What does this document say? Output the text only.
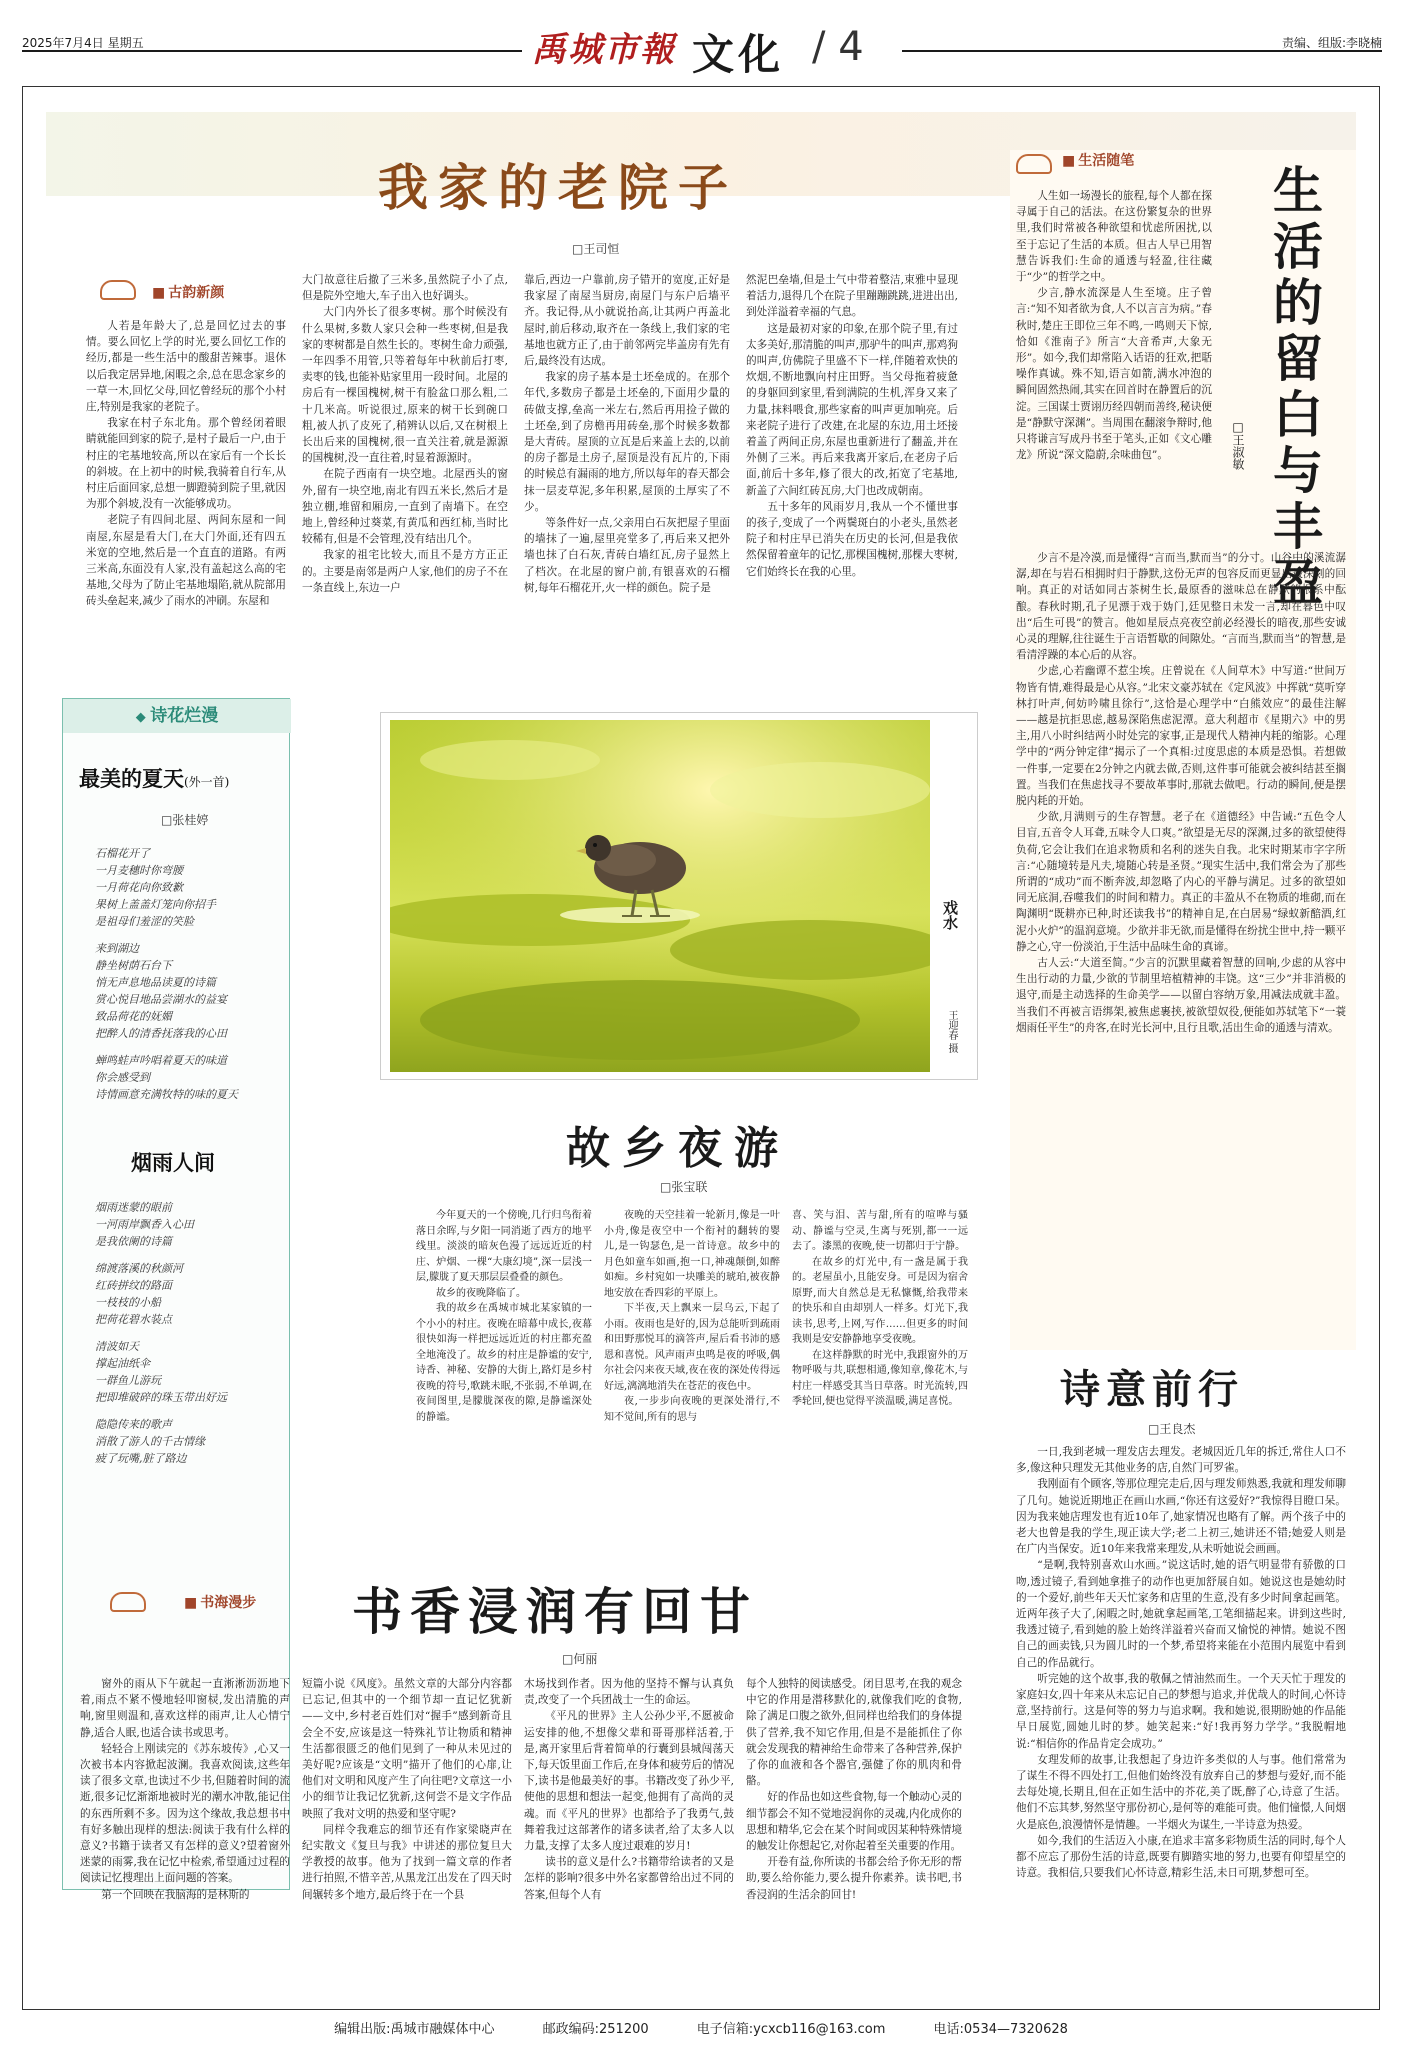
2025年7月4日 星期五	禹城市報 文化 / 4	责编、组版:李晓楠
我家的老院子
□王司恒
■ 古韵新颜

人若是年龄大了,总是回忆过去的事情。要么回忆上学的时光,要么回忆工作的经历,都是一些生活中的酸甜苦辣事。退休以后我定居异地,闲暇之余,总在思念家乡的一草一木,回忆父母,回忆曾经玩的那个小村庄,特别是我家的老院子。

我家在村子东北角。那个曾经闭着眼睛就能回到家的院子,是村子最后一户,由于村庄的宅基地较高,所以在家后有一个长长的斜坡。在上初中的时候,我骑着自行车,从村庄后面回家,总想一脚蹬骑到院子里,就因为那个斜坡,没有一次能够成功。

老院子有四间北屋、两间东屋和一间南屋,东屋是看大门,在大门外面,还有四五米宽的空地,然后是一个直直的道路。有两三米高,东面没有人家,没有盖起这么高的宅基地,父母为了防止宅基地塌陷,就从院部用砖头垒起来,减少了雨水的冲刷。东屋和

大门故意往后撤了三米多,虽然院子小了点,但是院外空地大,车子出入也好调头。

大门内外长了很多枣树。那个时候没有什么果树,多数人家只会种一些枣树,但是我家的枣树都是自然生长的。枣树生命力顽强,一年四季不用管,只等着每年中秋前后打枣,卖枣的钱,也能补贴家里用一段时间。北屋的房后有一棵国槐树,树干有脸盆口那么粗,二十几米高。听说很过,原来的树干长到碗口粗,被人扒了皮死了,稍辨认以后,又在树根上长出后来的国槐树,很一直关注着,就是源源的国槐树,没一直往着,时显着源源时。

在院子西南有一块空地。北屋西头的窗外,留有一块空地,南北有四五米长,然后才是独立棚,堆留和厢房,一直到了南墙下。在空地上,曾经种过葵菜,有黄瓜和西红柿,当时比较稀有,但是不会管理,没有结出几个。

我家的祖宅比较大,而且不是方方正正的。主要是南邻是两户人家,他们的房子不在一条直线上,东边一户

靠后,西边一户靠前,房子错开的宽度,正好是我家屋了南屋当厨房,南屋门与东户后墙平齐。我记得,从小就说抬高,让其两户再盖北屋时,前后移动,取齐在一条线上,我们家的宅基地也就方正了,由于前邻两完毕盖房有先有后,最终没有达成。

我家的房子基本是土坯垒成的。在那个年代,多数房子都是土坯垒的,下面用少量的砖做支撑,垒高一米左右,然后再用捡子做的土坯垒,到了房檐再用砖垒,那个时候多数都是大青砖。屋顶的立瓦是后来盖上去的,以前的房子都是土房子,屋顶是没有瓦片的,下雨的时候总有漏雨的地方,所以每年的春天都会抹一层麦草泥,多年积累,屋顶的土厚实了不少。

等条件好一点,父亲用白石灰把屋子里面的墙抹了一遍,屋里亮堂多了,再后来又把外墙也抹了白石灰,青砖白墙红瓦,房子显然上了档次。在北屋的窗户前,有银喜欢的石榴树,每年石榴花开,火一样的颜色。院子是

然泥巴垒墙,但是土气中带着整洁,束雅中显现着活力,退得几个在院子里蹦蹦跳跳,进进出出,到处洋溢着幸福的气息。

这是最初对家的印象,在那个院子里,有过太多美好,那清脆的叫声,那驴牛的叫声,那鸡狗的叫声,仿佛院子里盛不下一样,伴随着欢快的炊烟,不断地飘向村庄田野。当父母拖着疲惫的身躯回到家里,看到满院的生机,浑身又来了力量,抹料喂食,那些家畜的叫声更加响亮。后来老院子进行了改建,在北屋的东边,用土坯接着盖了两间正房,东屋也重新进行了翻盖,并在外侧了三米。再后来我离开家后,在老房子后面,前后十多年,修了很大的改,拓宽了宅基地,新盖了六间红砖瓦房,大门也改成朝南。

五十多年的风雨岁月,我从一个不懂世事的孩子,变成了一个两鬓斑白的小老头,虽然老院子和村庄早已消失在历史的长河,但是我依然保留着童年的记忆,那棵国槐树,那棵大枣树,它们始终长在我的心里。

■ 生活随笔
生活的留白与丰盈
□王淑敏

人生如一场漫长的旅程,每个人都在探寻属于自己的活法。在这份繁复杂的世界里,我们时常被各种欲望和忧虑所困扰,以至于忘记了生活的本质。但古人早已用智慧告诉我们:生命的通透与轻盈,往往藏于“少”的哲学之中。

少言,静水流深是人生至境。庄子曾言:“知不知者欲为食,人不以言言为病。”春秋时,楚庄王即位三年不鸣,一鸣则天下惊,恰如《淮南子》所言“大音希声,大象无形”。如今,我们却常陷入话语的狂欢,把聒噪作真诚。殊不知,语言如箭,满水冲泡的瞬间固然热闹,其实在回首时在静置后的沉淀。三国谋士贾诩历经四朝而善终,秘诀便是“静默守深渊”。当周围在翻滚争辩时,他只将谦言写成丹书至于笔头,正如《文心雕龙》所说“深文隐蔚,余味曲包”。

少言不是冷漠,而是懂得“言而当,默而当”的分寸。山谷中的溪流潺潺,却在与岩石相拥时归于静默,这份无声的包容反而更显出最深刻的回响。真正的对话如同古茶树生长,最原香的滋味总在静默的根系中酝酿。春秋时期,孔子见漂于戏于妫门,廷见整日未发一言,却在暮色中叹出“后生可畏”的赞言。他如星辰点亮夜空前必经漫长的暗夜,那些安诚心灵的理解,往往诞生于言语暂歇的间隙处。“言而当,默而当”的智慧,是看清浮躁的本心后的从容。

少虑,心若幽谭不惹尘埃。庄曾说在《人间草木》中写道:“世间万物皆有情,难得最是心从容。”北宋文豪苏轼在《定风波》中挥就“莫听穿林打叶声,何妨吟啸且徐行”,这恰是心理学中“白熊效应”的最佳注解——越是抗拒思虑,越易深陷焦虑泥潭。意大利超市《星期六》中的男主,用八小时纠结两小时处完的家事,正是现代人精神内耗的缩影。心理学中的“两分钟定律”揭示了一个真相:过度思虑的本质是恐惧。若想做一件事,一定要在2分钟之内就去做,否则,这件事可能就会被纠结甚至搁置。当我们在焦虑找寻不要故革事时,那就去做吧。行动的瞬间,便是摆脱内耗的开始。

少欲,月满则亏的生存智慧。老子在《道德经》中告诫:“五色令人目盲,五音令人耳聋,五味令人口爽。”欲望是无尽的深渊,过多的欲望使得负荷,它会让我们在追求物质和名利的迷失自我。北宋时期某市字字所言:“心随境转是凡夫,境随心转是圣贤。”现实生活中,我们常会为了那些所谓的“成功”而不断奔波,却忽略了内心的平静与满足。过多的欲望如同无底洞,吞噬我们的时间和精力。真正的丰盈从不在物质的堆砌,而在陶渊明“既耕亦已种,时还读我书”的精神自足,在白居易“绿蚁新醅酒,红泥小火炉”的温润意境。少欲并非无欲,而是懂得在纷扰尘世中,持一颗平静之心,守一份淡泊,于生活中品味生命的真谛。

古人云:“大道至简。”少言的沉默里藏着智慧的回响,少虑的从容中生出行动的力量,少欲的节制里培植精神的丰饶。这“三少”并非消极的退守,而是主动选择的生命美学——以留白容纳万象,用减法成就丰盈。当我们不再被言语绑架,被焦虑裹挟,被欲望奴役,便能如苏轼笔下“一蓑烟雨任平生”的舟客,在时光长河中,且行且歌,活出生命的通透与清欢。

诗意前行
□王良杰

一日,我到老城一理发店去理发。老城因近几年的拆迁,常住人口不多,像这种只理发无其他业务的店,自然门可罗雀。

我刚面有个顾客,等那位理完走后,因与理发师熟悉,我就和理发师聊了几句。她说近期地正在画山水画,“你还有这爱好?”我惊得目瞪口呆。因为我来她店理发也有近10年了,她家情况也略有了解。两个孩子中的老大也曾是我的学生,现正读大学;老二上初三,她讲还不错;她爱人则是在广内当保安。近10年来我常来理发,从未听她说会画画。

“是啊,我特别喜欢山水画。”说这话时,她的语气明显带有骄傲的口吻,透过镜子,看到她拿推子的动作也更加舒展自如。她说这也是她幼时的一个爱好,前些年天天忙家务和店里的生意,没有多少时间拿起画笔。近两年孩子大了,闲暇之时,她就拿起画笔,工笔细描起来。讲到这些时,我透过镜子,看到她的脸上始终洋溢着兴奋而又愉悦的神情。她说不图自己的画卖钱,只为圆儿时的一个梦,希望将来能在小范围内展览中看到自己的作品就行。

听完她的这个故事,我的敬佩之情油然而生。一个天天忙于理发的家庭妇女,四十年来从未忘记自己的梦想与追求,并优哉人的时间,心怀诗意,坚持前行。这是何等的努力与追求啊。我和她说,很期盼她的作品能早日展览,圆她儿时的梦。她笑起来:“好!我再努力学学。”我脱帽地说:“相信你的作品肯定会成功。”

女理发师的故事,让我想起了身边许多类似的人与事。他们常常为了谋生不得不四处打工,但他们始终没有放弃自己的梦想与爱好,而不能去每处境,长期且,但在正如生活中的芥花,美了既,醉了心,诗意了生活。他们不忘其梦,努然坚守那份初心,是何等的难能可贵。他们憧憬,人间烟火是底色,浪漫情怀是情趣。一半烟火为谋生,一半诗意为热爱。

如今,我们的生活迈入小康,在追求丰富多彩物质生活的同时,每个人都不应忘了那份生活的诗意,既要有脚踏实地的努力,也要有仰望星空的诗意。我相信,只要我们心怀诗意,精彩生活,未日可期,梦想可至。

◆ 诗花烂漫
最美的夏天(外一首)
□张桂婷
石榴花开了
一月麦穗时你弯腰
一月荷花向你致歉
果树上盖盖灯笼向你招手
是祖母们羞涩的笑脸
来到湖边
静坐树荫石台下
悄无声息地品读夏的诗篇
赏心悦目地品尝湖水的益宴
致品荷花的妩媚
把醉人的清香抚落我的心田
蝉鸣蛙声吟唱着夏天的味道
你会感受到
诗情画意充满牧特的味的夏天
烟雨人间
烟雨迷蒙的眼前
一河雨岸飘香入心田
是我依阑的诗篇
绵渡落溪的秋颜河
红砖拼纹的路面
一枝枝的小船
把荷花碧水装点
清波如天
撑起油纸伞
一群鱼儿游玩
把即堆破碎的珠玉带出好远
隐隐传来的歌声
消散了游人的千古情缘
疲了玩嘴,脏了路边
戏水
王迎春 摄
故乡夜游
□张宝联

今年夏天的一个傍晚,几行归鸟衔着落日余晖,与夕阳一同消逝了西方的地平线里。淡淡的暗灰色漫了远远近近的村庄、炉烟、一棵“大康幻境”,深一层浅一层,朦胧了夏天那层层叠叠的颜色。

故乡的夜晚降临了。

我的故乡在禹城市城北某家镇的一个小小的村庄。夜晚在暗幕中成长,夜幕很快如海一样把远远近近的村庄都充盈全地淹没了。故乡的村庄是静谧的安宁,诗香、神秘、安静的大街上,路灯是乡村夜晚的符号,歌跳未眠,不张弱,不单调,在夜间图里,是朦胧深夜的隙,是静谧深处的静谧。

夜晚的天空挂着一轮新月,像是一叶小舟,像是夜空中一个衔衬的翻转的婴儿,是一钩瑟色,是一首诗意。故乡中的月色如童车如画,抱一口,神魂颠倒,如醉如痴。乡村宛如一块雕美的琥珀,被夜静地安放在香四彩的平原上。

下半夜,天上飘来一层乌云,下起了小雨。夜雨也是好的,因为总能听到疏雨和田野那悦耳的滴答声,屋后看书沛的感恩和喜悦。风声雨声虫鸣是夜的呼吸,偶尔社会闪来夜天域,夜在夜的深处传得远好远,漓漓地消失在苍茫的夜色中。

夜,一步步向夜晚的更深处滑行,不知不觉间,所有的思与

喜、笑与泪、苦与甜,所有的喧哗与骚动、静谧与空灵,生离与死别,都一一远去了。漆黑的夜晚,使一切都归于宁静。

在故乡的灯光中,有一盏是属于我的。老屋虽小,且能安身。可是因为宿舍原野,而大自然总是无私慷慨,给我带来的快乐和自由却别人一样多。灯光下,我读书,思考,上网,写作……但更多的时间我则是安安静静地享受夜晚。

在这样静默的时光中,我跟窗外的万物呼吸与共,联想相通,像知章,像花木,与村庄一样感受其当日草落。时光流转,四季轮回,便也觉得平淡温暖,满足喜悦。

■ 书海漫步 书香浸润有回甘
□何丽

窗外的雨从下午就起一直淅淅沥沥地下着,雨点不紧不慢地轻叩窗棂,发出清脆的声响,窗里则温和,喜欢这样的雨声,让人心情宁静,适合人眠,也适合读书或思考。

轻轻合上刚读完的《苏东坡传》,心又一次被书本内容掀起波澜。我喜欢阅读,这些年读了很多文章,也读过不少书,但随着时间的流逝,很多记忆渐渐地被时光的潮水冲散,能记住的东西所剩不多。因为这个缘故,我总想书中有好多触出现样的想法:阅读于我有什么样的意义?书籍于读者又有怎样的意义?望着窗外迷蒙的雨雾,我在记忆中检索,希望通过过程的阅读记忆搜理出上面问题的答案。

第一个回映在我脑海的是林斯的

短篇小说《风度》。虽然文章的大部分内容都已忘记,但其中的一个细节却一直记忆犹新——文中,乡村老百姓们对“握手”感到新奇且会全不安,应该是这一特殊礼节让物质和精神生活都很匮乏的他们见到了一种从未见过的美好呢?应该是“文明”描开了他们的心扉,让他们对文明和风度产生了向往吧?文章这一小小的细节让我记忆犹新,这何尝不是文字作品映照了我对文明的热爱和坚守呢?

同样令我难忘的细节还有作家梁晓声在纪实散文《复旦与我》中讲述的那位复旦大学教授的故事。他为了找到一篇文章的作者进行拍照,不惜辛苦,从黑龙江出发在了四天时间辗转多个地方,最后终于在一个县

木场找到作者。因为他的坚持不懈与认真负责,改变了一个兵团战士一生的命运。

《平凡的世界》主人公孙少平,不愿被命运安排的他,不想像父辈和哥哥那样活着,于是,离开家里后背着简单的行囊到县城闯荡天下,每天饭里面工作后,在身体和疲劳后的情况下,读书是他最美好的事。书籍改变了孙少平,使他的思想和想法一起变,他拥有了高尚的灵魂。而《平凡的世界》也都给予了我勇气,鼓舞着我过这部著作的诸多读者,给了太多人以力量,支撑了太多人度过艰难的岁月!

读书的意义是什么?书籍带给读者的又是怎样的影响?很多中外名家都曾给出过不同的答案,但每个人有

每个人独特的阅读感受。闭目思考,在我的观念中它的作用是潜移默化的,就像我们吃的食物,除了满足口腹之欲外,但同样也给我们的身体提供了营养,我不知它作用,但是不是能抓住了你就会发现我的精神给生命带来了各种营养,保护了你的血液和各个器官,强健了你的肌肉和骨骼。

好的作品也如这些食物,每一个触动心灵的细节都会不知不觉地浸润你的灵魂,内化成你的思想和精华,它会在某个时间或因某种特殊情境的触发让你想起它,对你起着至关重要的作用。

开卷有益,你所读的书都会给予你无形的帮助,要么给你能力,要么提升你素养。读书吧,书香浸润的生活余韵回甘!

编辑出版:禹城市融媒体中心	邮政编码:251200	电子信箱:ycxcb116@163.com	电话:0534—7320628
